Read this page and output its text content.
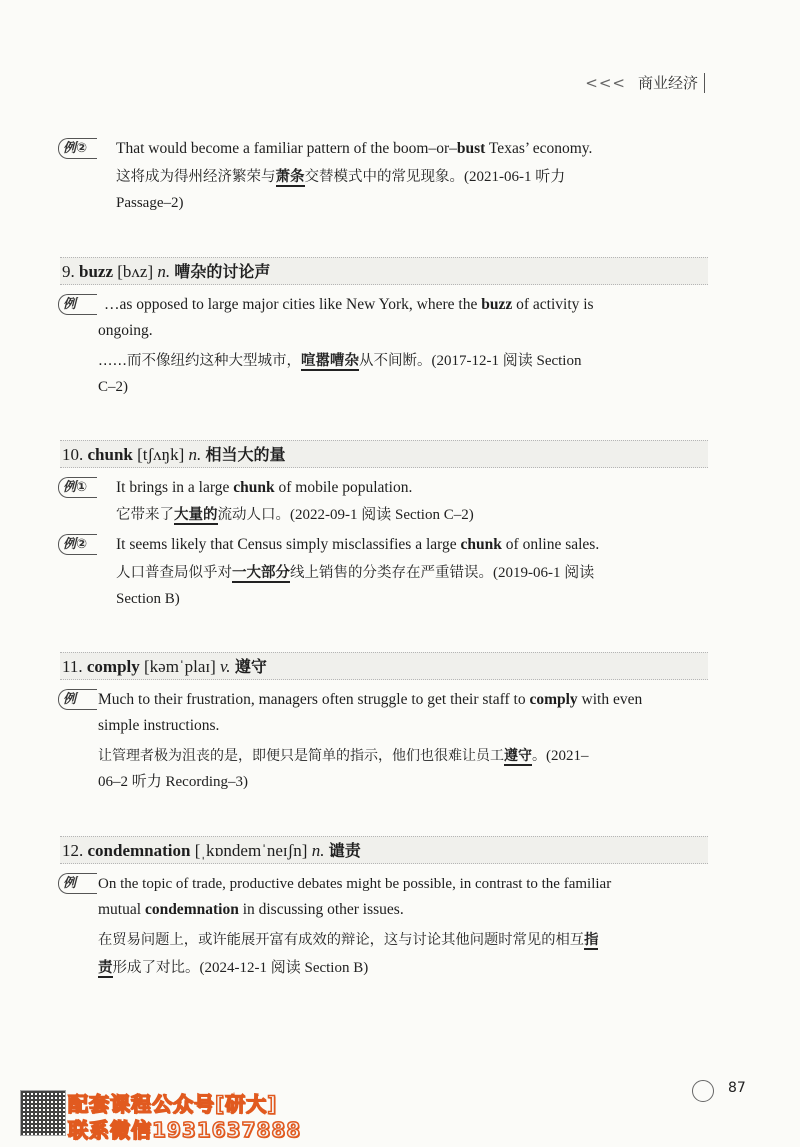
<<< 商业经济
例②	That would become a familiar pattern of the boom–or–bust Texas’ economy.
这将成为得州经济繁荣与萧条交替模式中的常见现象。(2021-06-1 听力
Passage–2)
9. buzz [bʌz] n. 嘈杂的讨论声
例	…as opposed to large major cities like New York, where the buzz of activity is
ongoing.
……而不像纽约这种大型城市，喧嚣嘈杂从不间断。(2017-12-1 阅读 Section
C–2)
10. chunk [tʃʌŋk] n. 相当大的量
例①	It brings in a large chunk of mobile population.
它带来了大量的流动人口。(2022-09-1 阅读 Section C–2)
例②	It seems likely that Census simply misclassifies a large chunk of online sales.
人口普查局似乎对一大部分线上销售的分类存在严重错误。(2019-06-1 阅读
Section B)
11. comply [kəmˈplaɪ] v. 遵守
例	Much to their frustration, managers often struggle to get their staff to comply with even
simple instructions.
让管理者极为沮丧的是，即便只是简单的指示，他们也很难让员工遵守。(2021–
06–2 听力 Recording–3)
12. condemnation [ˌkɒndemˈneɪʃn] n. 谴责
例	On the topic of trade, productive debates might be possible, in contrast to the familiar
mutual condemnation in discussing other issues.
在贸易问题上，或许能展开富有成效的辩论，这与讨论其他问题时常见的相互指
责形成了对比。(2024-12-1 阅读 Section B)
87
配套课程公众号[研大]
联系微信1931637888
